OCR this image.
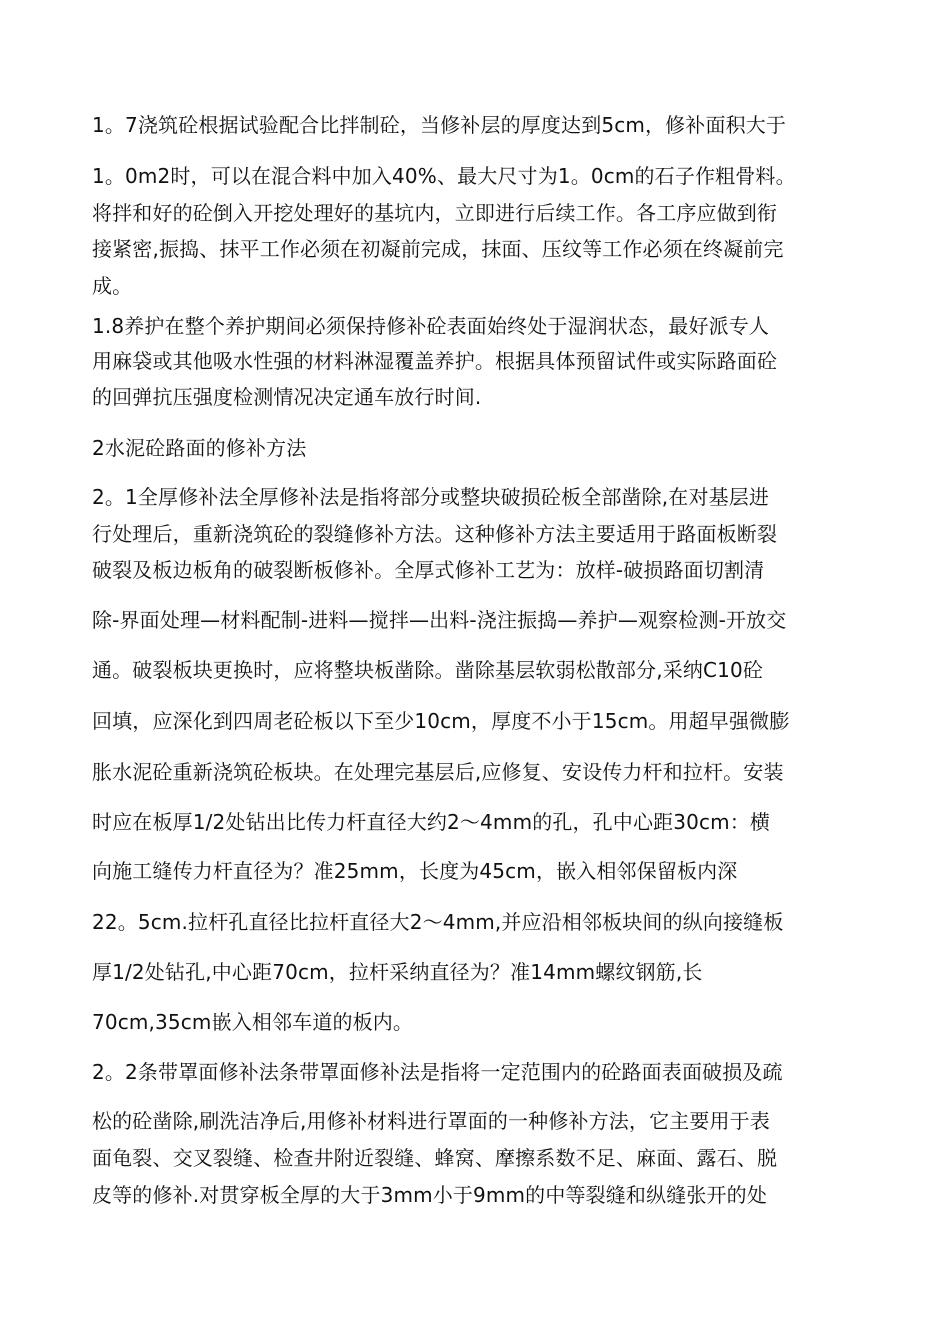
1。7浇筑砼根据试验配合比拌制砼，当修补层的厚度达到5cm，修补面积大于
1。0m2时，可以在混合料中加入40%、最大尺寸为1。0cm的石子作粗骨料。
将拌和好的砼倒入开挖处理好的基坑内，立即进行后续工作。各工序应做到衔
接紧密,振捣、抹平工作必须在初凝前完成，抹面、压纹等工作必须在终凝前完
成。
1.8养护在整个养护期间必须保持修补砼表面始终处于湿润状态，最好派专人
用麻袋或其他吸水性强的材料淋湿覆盖养护。根据具体预留试件或实际路面砼
的回弹抗压强度检测情况决定通车放行时间.
2水泥砼路面的修补方法
2。1全厚修补法全厚修补法是指将部分或整块破损砼板全部凿除,在对基层进
行处理后，重新浇筑砼的裂缝修补方法。这种修补方法主要适用于路面板断裂
破裂及板边板角的破裂断板修补。全厚式修补工艺为：放样-破损路面切割清
除-界面处理—材料配制-进料—搅拌—出料-浇注振捣—养护—观察检测-开放交
通。破裂板块更换时，应将整块板凿除。凿除基层软弱松散部分,采纳C10砼
回填，应深化到四周老砼板以下至少10cm，厚度不小于15cm。用超早强微膨
胀水泥砼重新浇筑砼板块。在处理完基层后,应修复、安设传力杆和拉杆。安装
时应在板厚1/2处钻出比传力杆直径大约2～4mm的孔，孔中心距30cm：横
向施工缝传力杆直径为？准25mm，长度为45cm，嵌入相邻保留板内深
22。5cm.拉杆孔直径比拉杆直径大2～4mm,并应沿相邻板块间的纵向接缝板
厚1/2处钻孔,中心距70cm，拉杆采纳直径为？准14mm螺纹钢筋,长
70cm,35cm嵌入相邻车道的板内。
2。2条带罩面修补法条带罩面修补法是指将一定范围内的砼路面表面破损及疏
松的砼凿除,刷洗洁净后,用修补材料进行罩面的一种修补方法，它主要用于表
面龟裂、交叉裂缝、检查井附近裂缝、蜂窝、摩擦系数不足、麻面、露石、脱
皮等的修补.对贯穿板全厚的大于3mm小于9mm的中等裂缝和纵缝张开的处
